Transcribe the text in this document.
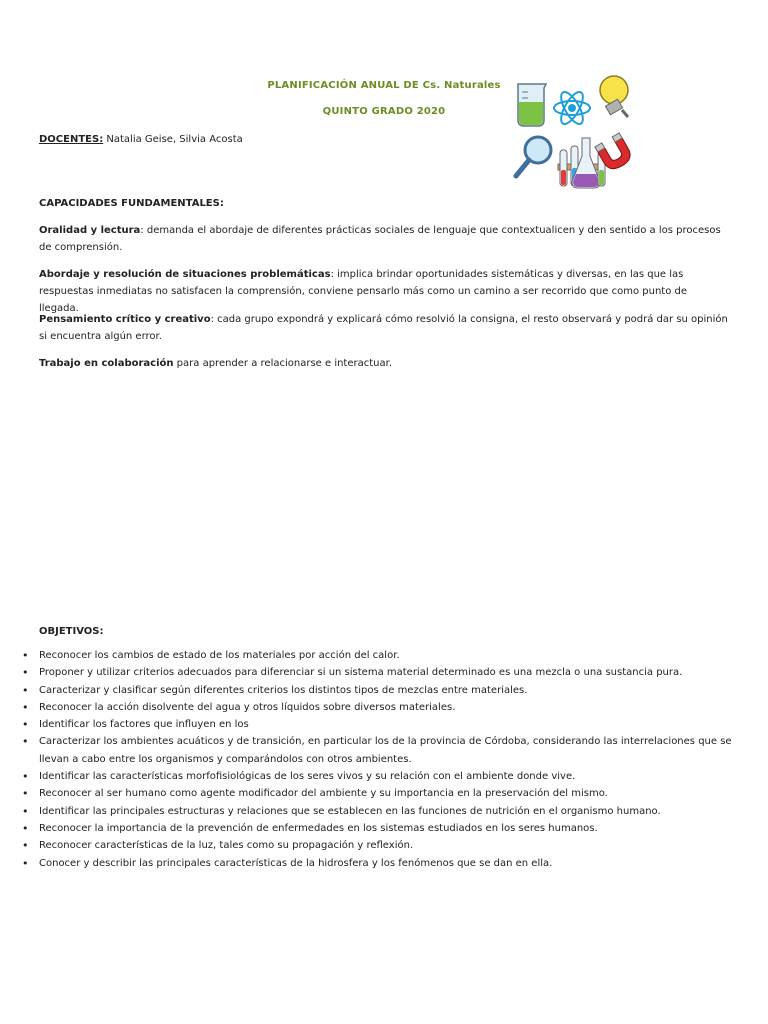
PLANIFICACIÓN ANUAL DE Cs. Naturales
QUINTO GRADO 2020
DOCENTES: Natalia Geise, Silvia Acosta
CAPACIDADES FUNDAMENTALES:
Oralidad y lectura: demanda el abordaje de diferentes prácticas sociales de lenguaje que contextualicen y den sentido a los procesos de comprensión.
Abordaje y resolución de situaciones problemáticas: implica brindar oportunidades sistemáticas y diversas, en las que las respuestas inmediatas no satisfacen la comprensión, conviene pensarlo más como un camino a ser recorrido que como punto de llegada.
Pensamiento crítico y creativo: cada grupo expondrá y explicará cómo resolvió la consigna, el resto observará y podrá dar su opinión si encuentra algún error.
Trabajo en colaboración para aprender a relacionarse e interactuar.
OBJETIVOS:
• Reconocer los cambios de estado de los materiales por acción del calor.
• Proponer y utilizar criterios adecuados para diferenciar si un sistema material determinado es una mezcla o una sustancia pura.
• Caracterizar y clasificar según diferentes criterios los distintos tipos de mezclas entre materiales.
• Reconocer la acción disolvente del agua y otros líquidos sobre diversos materiales.
• Identificar los factores que influyen en los
• Caracterizar los ambientes acuáticos y de transición, en particular los de la provincia de Córdoba, considerando las interrelaciones que se llevan a cabo entre los organismos y comparándolos con otros ambientes.
• Identificar las características morfofisiológicas de los seres vivos y su relación con el ambiente donde vive.
• Reconocer al ser humano como agente modificador del ambiente y su importancia en la preservación del mismo.
• Identificar las principales estructuras y relaciones que se establecen en las funciones de nutrición en el organismo humano.
• Reconocer la importancia de la prevención de enfermedades en los sistemas estudiados en los seres humanos.
• Reconocer características de la luz, tales como su propagación y reflexión.
• Conocer y describir las principales características de la hidrosfera y los fenómenos que se dan en ella.
